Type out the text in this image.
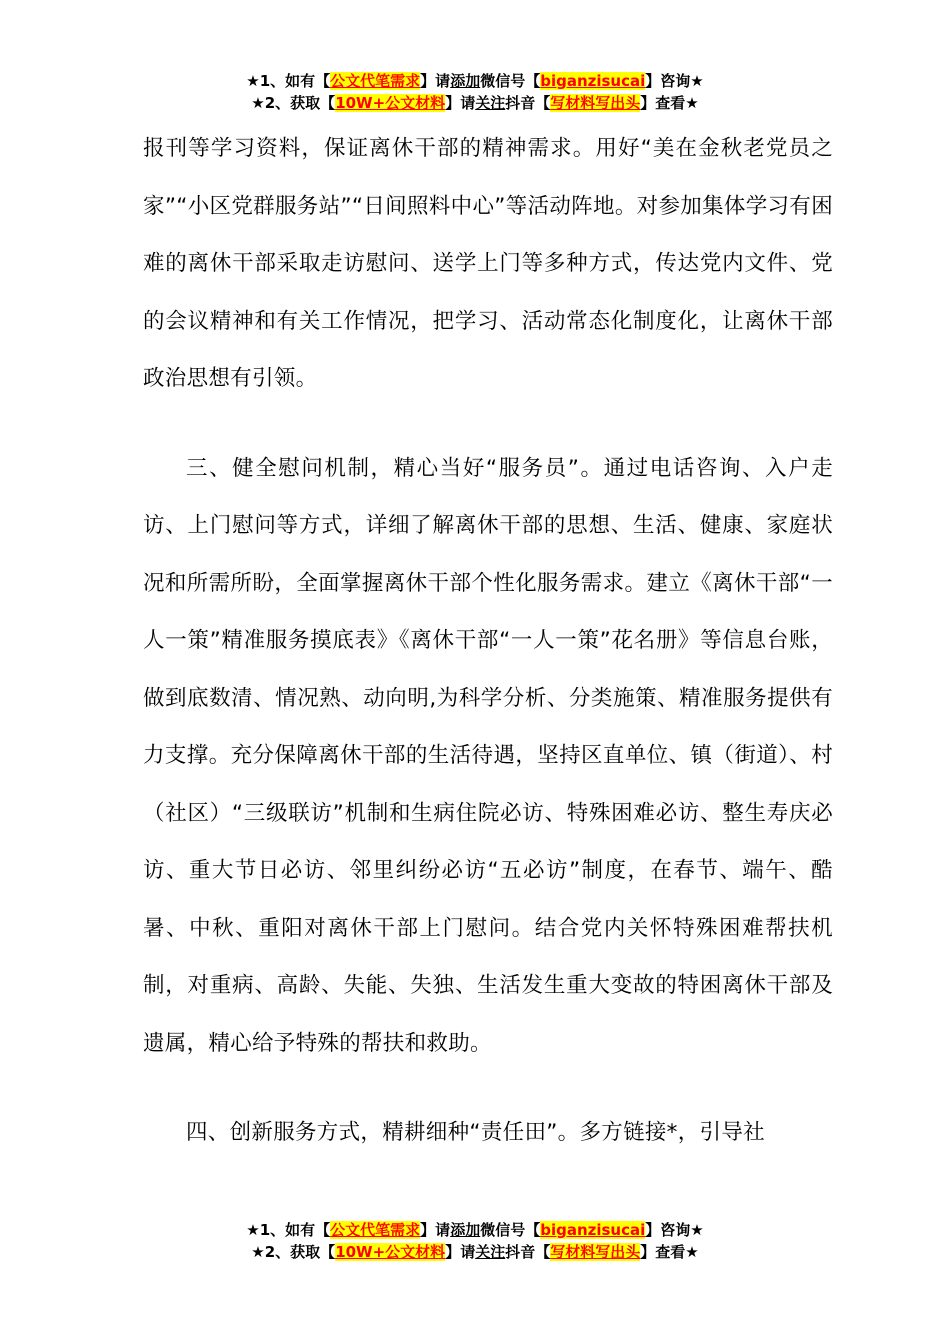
★1、如有【公文代笔需求】请添加微信号【biganzisucai】咨询★
★2、获取【10W+公文材料】请关注抖音【写材料写出头】查看★

报刊等学习资料，保证离休干部的精神需求。用好“美在金秋老党员之家”“小区党群服务站”“日间照料中心”等活动阵地。对参加集体学习有困难的离休干部采取走访慰问、送学上门等多种方式，传达党内文件、党的会议精神和有关工作情况，把学习、活动常态化制度化，让离休干部政治思想有引领。

三、健全慰问机制，精心当好“服务员”。通过电话咨询、入户走访、上门慰问等方式，详细了解离休干部的思想、生活、健康、家庭状况和所需所盼，全面掌握离休干部个性化服务需求。建立《离休干部“一人一策”精准服务摸底表》《离休干部“一人一策”花名册》等信息台账，做到底数清、情况熟、动向明,为科学分析、分类施策、精准服务提供有力支撑。充分保障离休干部的生活待遇，坚持区直单位、镇（街道）、村（社区）“三级联访”机制和生病住院必访、特殊困难必访、整生寿庆必访、重大节日必访、邻里纠纷必访“五必访”制度，在春节、端午、酷暑、中秋、重阳对离休干部上门慰问。结合党内关怀特殊困难帮扶机制，对重病、高龄、失能、失独、生活发生重大变故的特困离休干部及遗属，精心给予特殊的帮扶和救助。

四、创新服务方式，精耕细种“责任田”。多方链接*，引导社

★1、如有【公文代笔需求】请添加微信号【biganzisucai】咨询★
★2、获取【10W+公文材料】请关注抖音【写材料写出头】查看★
